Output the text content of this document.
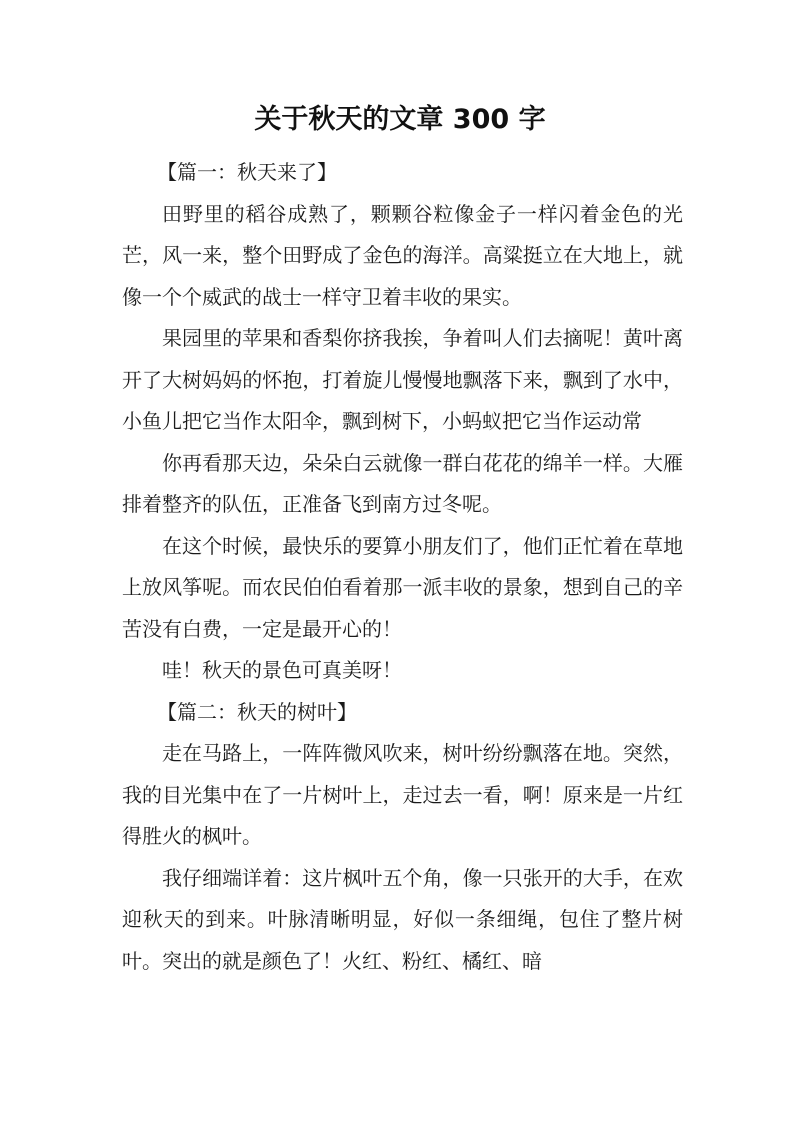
关于秋天的文章 300 字

【篇一：秋天来了】

田野里的稻谷成熟了，颗颗谷粒像金子一样闪着金色的光芒，风一来，整个田野成了金色的海洋。高粱挺立在大地上，就像一个个威武的战士一样守卫着丰收的果实。

果园里的苹果和香梨你挤我挨，争着叫人们去摘呢！黄叶离开了大树妈妈的怀抱，打着旋儿慢慢地飘落下来，飘到了水中，小鱼儿把它当作太阳伞，飘到树下，小蚂蚁把它当作运动常

你再看那天边，朵朵白云就像一群白花花的绵羊一样。大雁排着整齐的队伍，正准备飞到南方过冬呢。

在这个时候，最快乐的要算小朋友们了，他们正忙着在草地上放风筝呢。而农民伯伯看着那一派丰收的景象，想到自己的辛苦没有白费，一定是最开心的！

哇！秋天的景色可真美呀！

【篇二：秋天的树叶】

走在马路上，一阵阵微风吹来，树叶纷纷飘落在地。突然，我的目光集中在了一片树叶上，走过去一看，啊！原来是一片红得胜火的枫叶。

我仔细端详着：这片枫叶五个角，像一只张开的大手，在欢迎秋天的到来。叶脉清晰明显，好似一条细绳，包住了整片树叶。突出的就是颜色了！火红、粉红、橘红、暗
